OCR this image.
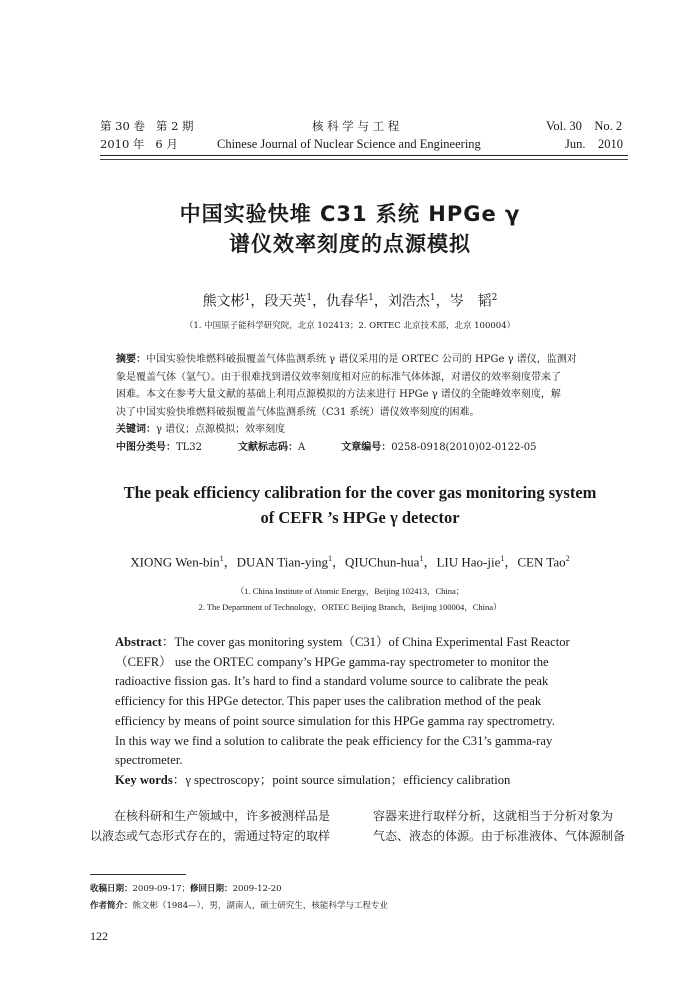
第 30 卷 第 2 期	核 科 学 与 工 程	Vol. 30 No. 2
2010 年 6 月	Chinese Journal of Nuclear Science and Engineering	Jun. 2010
中国实验快堆 C31 系统 HPGe γ
谱仪效率刻度的点源模拟
熊文彬$^1$，段天英$^1$，仇春华$^1$，刘浩杰$^1$，岑　韬$^2$
（1. 中国原子能科学研究院，北京 102413；2. ORTEC 北京技术部，北京 100004）
摘要：中国实验快堆燃料破损覆盖气体监测系统 γ 谱仪采用的是 ORTEC 公司的 HPGe γ 谱仪，监测对
象是覆盖气体（氩气）。由于很难找到谱仪效率刻度相对应的标准气体体源，对谱仪的效率刻度带来了
困难。本文在参考大量文献的基础上利用点源模拟的方法来进行 HPGe γ 谱仪的全能峰效率刻度，解
决了中国实验快堆燃料破损覆盖气体监测系统（C31 系统）谱仪效率刻度的困难。
关键词：γ 谱仪；点源模拟；效率刻度
中图分类号：TL32	文献标志码：A	文章编号：0258-0918(2010)02-0122-05
The peak efficiency calibration for the cover gas monitoring system
of CEFR ’s HPGe γ detector
XIONG Wen-bin$^1$，DUAN Tian-ying$^1$，QIUChun-hua$^1$，LIU Hao-jie$^1$，CEN Tao$^2$
（1. China Institute of Atomic Energy，Beijing 102413，China；
2. The Department of Technology，ORTEC Beijing Branch，Beijing 100004，China）
Abstract：The cover gas monitoring system（C31）of China Experimental Fast Reactor
（CEFR） use the ORTEC company’s HPGe gamma-ray spectrometer to monitor the
radioactive fission gas. It’s hard to find a standard volume source to calibrate the peak
efficiency for this HPGe detector. This paper uses the calibration method of the peak
efficiency by means of point source simulation for this HPGe gamma ray spectrometry.
In this way we find a solution to calibrate the peak efficiency for the C31’s gamma-ray
spectrometer.
Key words：γ spectroscopy；point source simulation；efficiency calibration
在核科研和生产领域中，许多被测样品是
以液态或气态形式存在的，需通过特定的取样
容器来进行取样分析，这就相当于分析对象为
气态、液态的体源。由于标准液体、气体源制备
收稿日期：2009-09-17；修回日期：2009-12-20
作者简介：熊文彬（1984—），男，湖南人，硕士研究生，核能科学与工程专业
122
